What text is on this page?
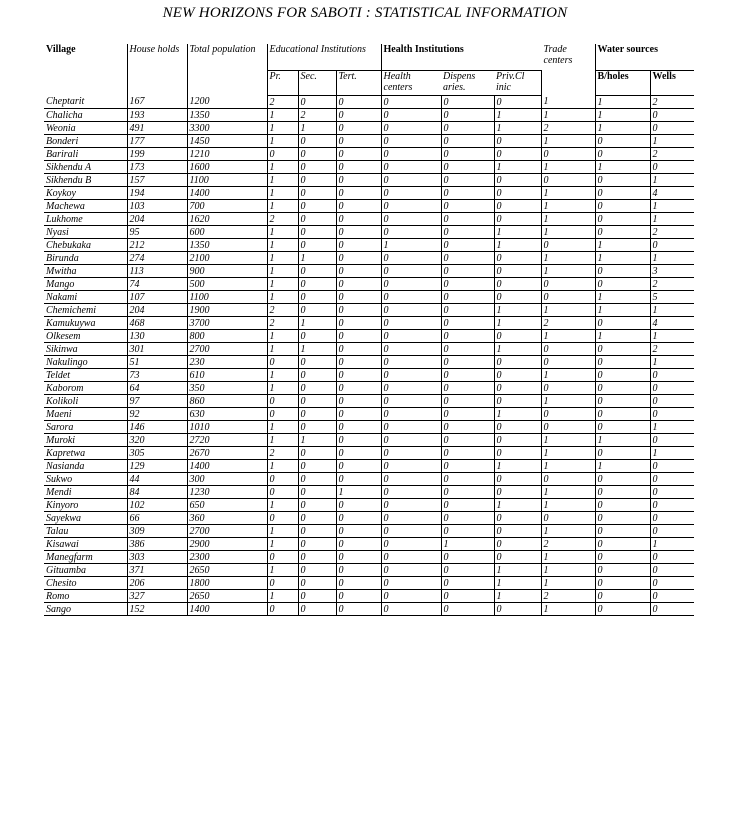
NEW HORIZONS FOR SABOTI : STATISTICAL INFORMATION
Village	House holds	Total population	Educational Institutions			Health Institutions			Trade centers	Water sources	
			Pr.	Sec.	Tert.	Health centers	Dispens aries.	Priv.Cl inic		B/holes	Wells
Cheptarit	167	1200	2	0	0	0	0	0	1	1	2
Chalicha	193	1350	1	2	0	0	0	1	1	1	0
Weonia	491	3300	1	1	0	0	0	1	2	1	0
Bonderi	177	1450	1	0	0	0	0	0	1	0	1
Barirali	199	1210	0	0	0	0	0	0	0	0	2
Sikhendu A	173	1600	1	0	0	0	0	1	1	1	0
Sikhendu B	157	1100	1	0	0	0	0	0	0	0	1
Koykoy	194	1400	1	0	0	0	0	0	1	0	4
Machewa	103	700	1	0	0	0	0	0	1	0	1
Lukhome	204	1620	2	0	0	0	0	0	1	0	1
Nyasi	95	600	1	0	0	0	0	1	1	0	2
Chebukaka	212	1350	1	0	0	1	0	1	0	1	0
Birunda	274	2100	1	1	0	0	0	0	1	1	1
Mwitha	113	900	1	0	0	0	0	0	1	0	3
Mango	74	500	1	0	0	0	0	0	0	0	2
Nakami	107	1100	1	0	0	0	0	0	0	1	5
Chemichemi	204	1900	2	0	0	0	0	1	1	1	1
Kamukuywa	468	3700	2	1	0	0	0	1	2	0	4
Olkesem	130	800	1	0	0	0	0	0	1	1	1
Sikinwa	301	2700	1	1	0	0	0	1	0	0	2
Nakulingo	51	230	0	0	0	0	0	0	0	0	1
Teldet	73	610	1	0	0	0	0	0	1	0	0
Kaborom	64	350	1	0	0	0	0	0	0	0	0
Kolikoli	97	860	0	0	0	0	0	0	1	0	0
Maeni	92	630	0	0	0	0	0	1	0	0	0
Sarora	146	1010	1	0	0	0	0	0	0	0	1
Muroki	320	2720	1	1	0	0	0	0	1	1	0
Kapretwa	305	2670	2	0	0	0	0	0	1	0	1
Nasianda	129	1400	1	0	0	0	0	1	1	1	0
Sukwo	44	300	0	0	0	0	0	0	0	0	0
Mendi	84	1230	0	0	1	0	0	0	1	0	0
Kinyoro	102	650	1	0	0	0	0	1	1	0	0
Sayekwa	66	360	0	0	0	0	0	0	0	0	0
Talau	309	2700	1	0	0	0	0	0	1	0	0
Kisawai	386	2900	1	0	0	0	1	0	2	0	1
Manegfarm	303	2300	0	0	0	0	0	0	1	0	0
Gituamba	371	2650	1	0	0	0	0	1	1	0	0
Chesito	206	1800	0	0	0	0	0	1	1	0	0
Romo	327	2650	1	0	0	0	0	1	2	0	0
Sango	152	1400	0	0	0	0	0	0	1	0	0
